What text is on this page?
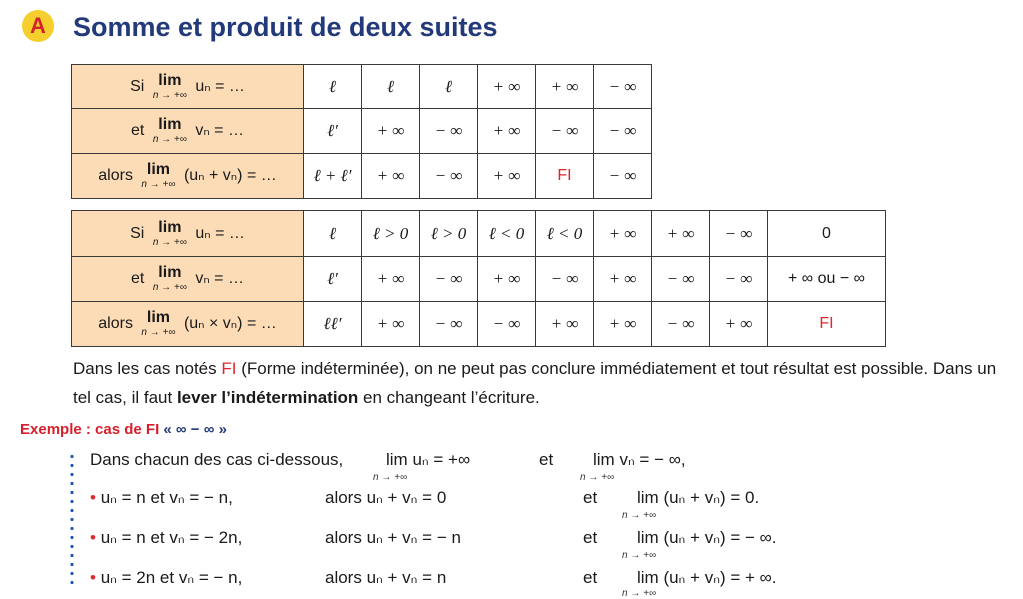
A Somme et produit de deux suites
Si lim
n → +∞
uₙ = …	ℓ	ℓ	ℓ	+ ∞	+ ∞	− ∞
et lim
n → +∞
vₙ = …	ℓ′	+ ∞	− ∞	+ ∞	− ∞	− ∞
alors lim
n → +∞
(uₙ + vₙ) = …	ℓ + ℓ′	+ ∞	− ∞	+ ∞	FI	− ∞
Si lim
n → +∞
uₙ = …	ℓ	ℓ > 0	ℓ > 0	ℓ < 0	ℓ < 0	+ ∞	+ ∞	− ∞	0
et lim
n → +∞
vₙ = …	ℓ′	+ ∞	− ∞	+ ∞	− ∞	+ ∞	− ∞	− ∞	+ ∞ ou − ∞
alors lim
n → +∞
(uₙ × vₙ) = …	ℓℓ′	+ ∞	− ∞	− ∞	+ ∞	+ ∞	− ∞	+ ∞	FI
Dans les cas notés FI (Forme indéterminée), on ne peut pas conclure immédiatement et tout résultat est possible. Dans un tel cas, il faut lever l’indétermination en changeant l’écriture.
Exemple : cas de FI « ∞ − ∞ »
Dans chacun des cas ci-dessous,	lim uₙ = +∞
n → +∞
et lim vₙ = − ∞,
n → +∞
• uₙ = n et vₙ = − n,	alors uₙ + vₙ = 0	et lim (uₙ + vₙ) = 0.
n → +∞
• uₙ = n et vₙ = − 2n,	alors uₙ + vₙ = − n	et lim (uₙ + vₙ) = − ∞.
n → +∞
• uₙ = 2n et vₙ = − n,	alors uₙ + vₙ = n	et lim (uₙ + vₙ) = + ∞.
n → +∞
